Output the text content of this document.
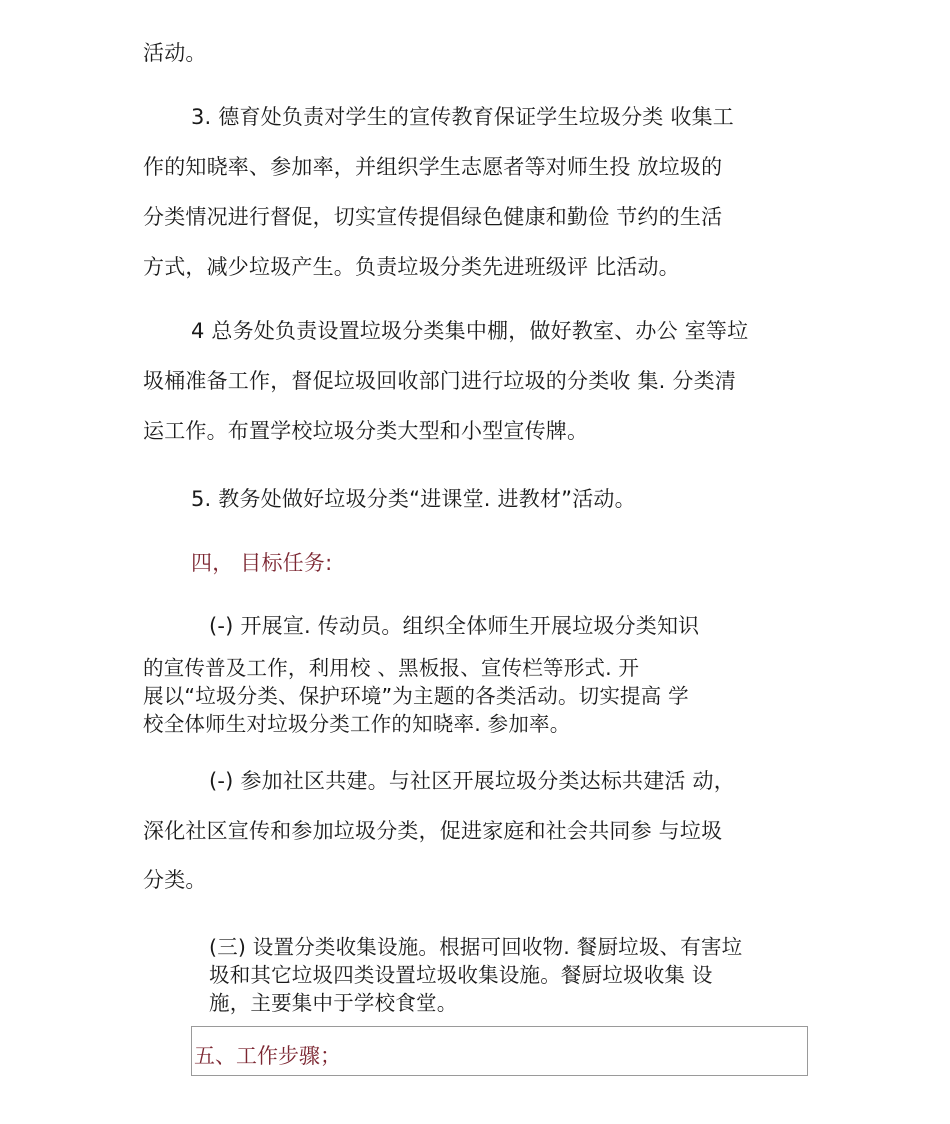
活动。
3. 德育处负责对学生的宣传教育保证学生垃圾分类 收集工
作的知晓率、参加率，并组织学生志愿者等对师生投 放垃圾的
分类情况进行督促，切实宣传提倡绿色健康和勤俭 节约的生活
方式，减少垃圾产生。负责垃圾分类先进班级评 比活动。
4 总务处负责设置垃圾分类集中棚，做好教室、办公 室等垃
圾桶准备工作，督促垃圾回收部门进行垃圾的分类收 集. 分类清
运工作。布置学校垃圾分类大型和小型宣传牌。
5. 教务处做好垃圾分类“进课堂. 进教材”活动。
四， 目标任务:
(-) 开展宣. 传动员。组织全体师生开展垃圾分类知识
的宣传普及工作，利用校 、黑板报、宣传栏等形式. 开
展以“垃圾分类、保护环境”为主题的各类活动。切实提高 学
校全体师生对垃圾分类工作的知晓率. 参加率。
(-) 参加社区共建。与社区开展垃圾分类达标共建活 动，
深化社区宣传和参加垃圾分类，促进家庭和社会共同参 与垃圾
分类。
(三) 设置分类收集设施。根据可回收物. 餐厨垃圾、有害垃
圾和其它垃圾四类设置垃圾收集设施。餐厨垃圾收集 设
施，主要集中于学校食堂。
五、工作步骤；
